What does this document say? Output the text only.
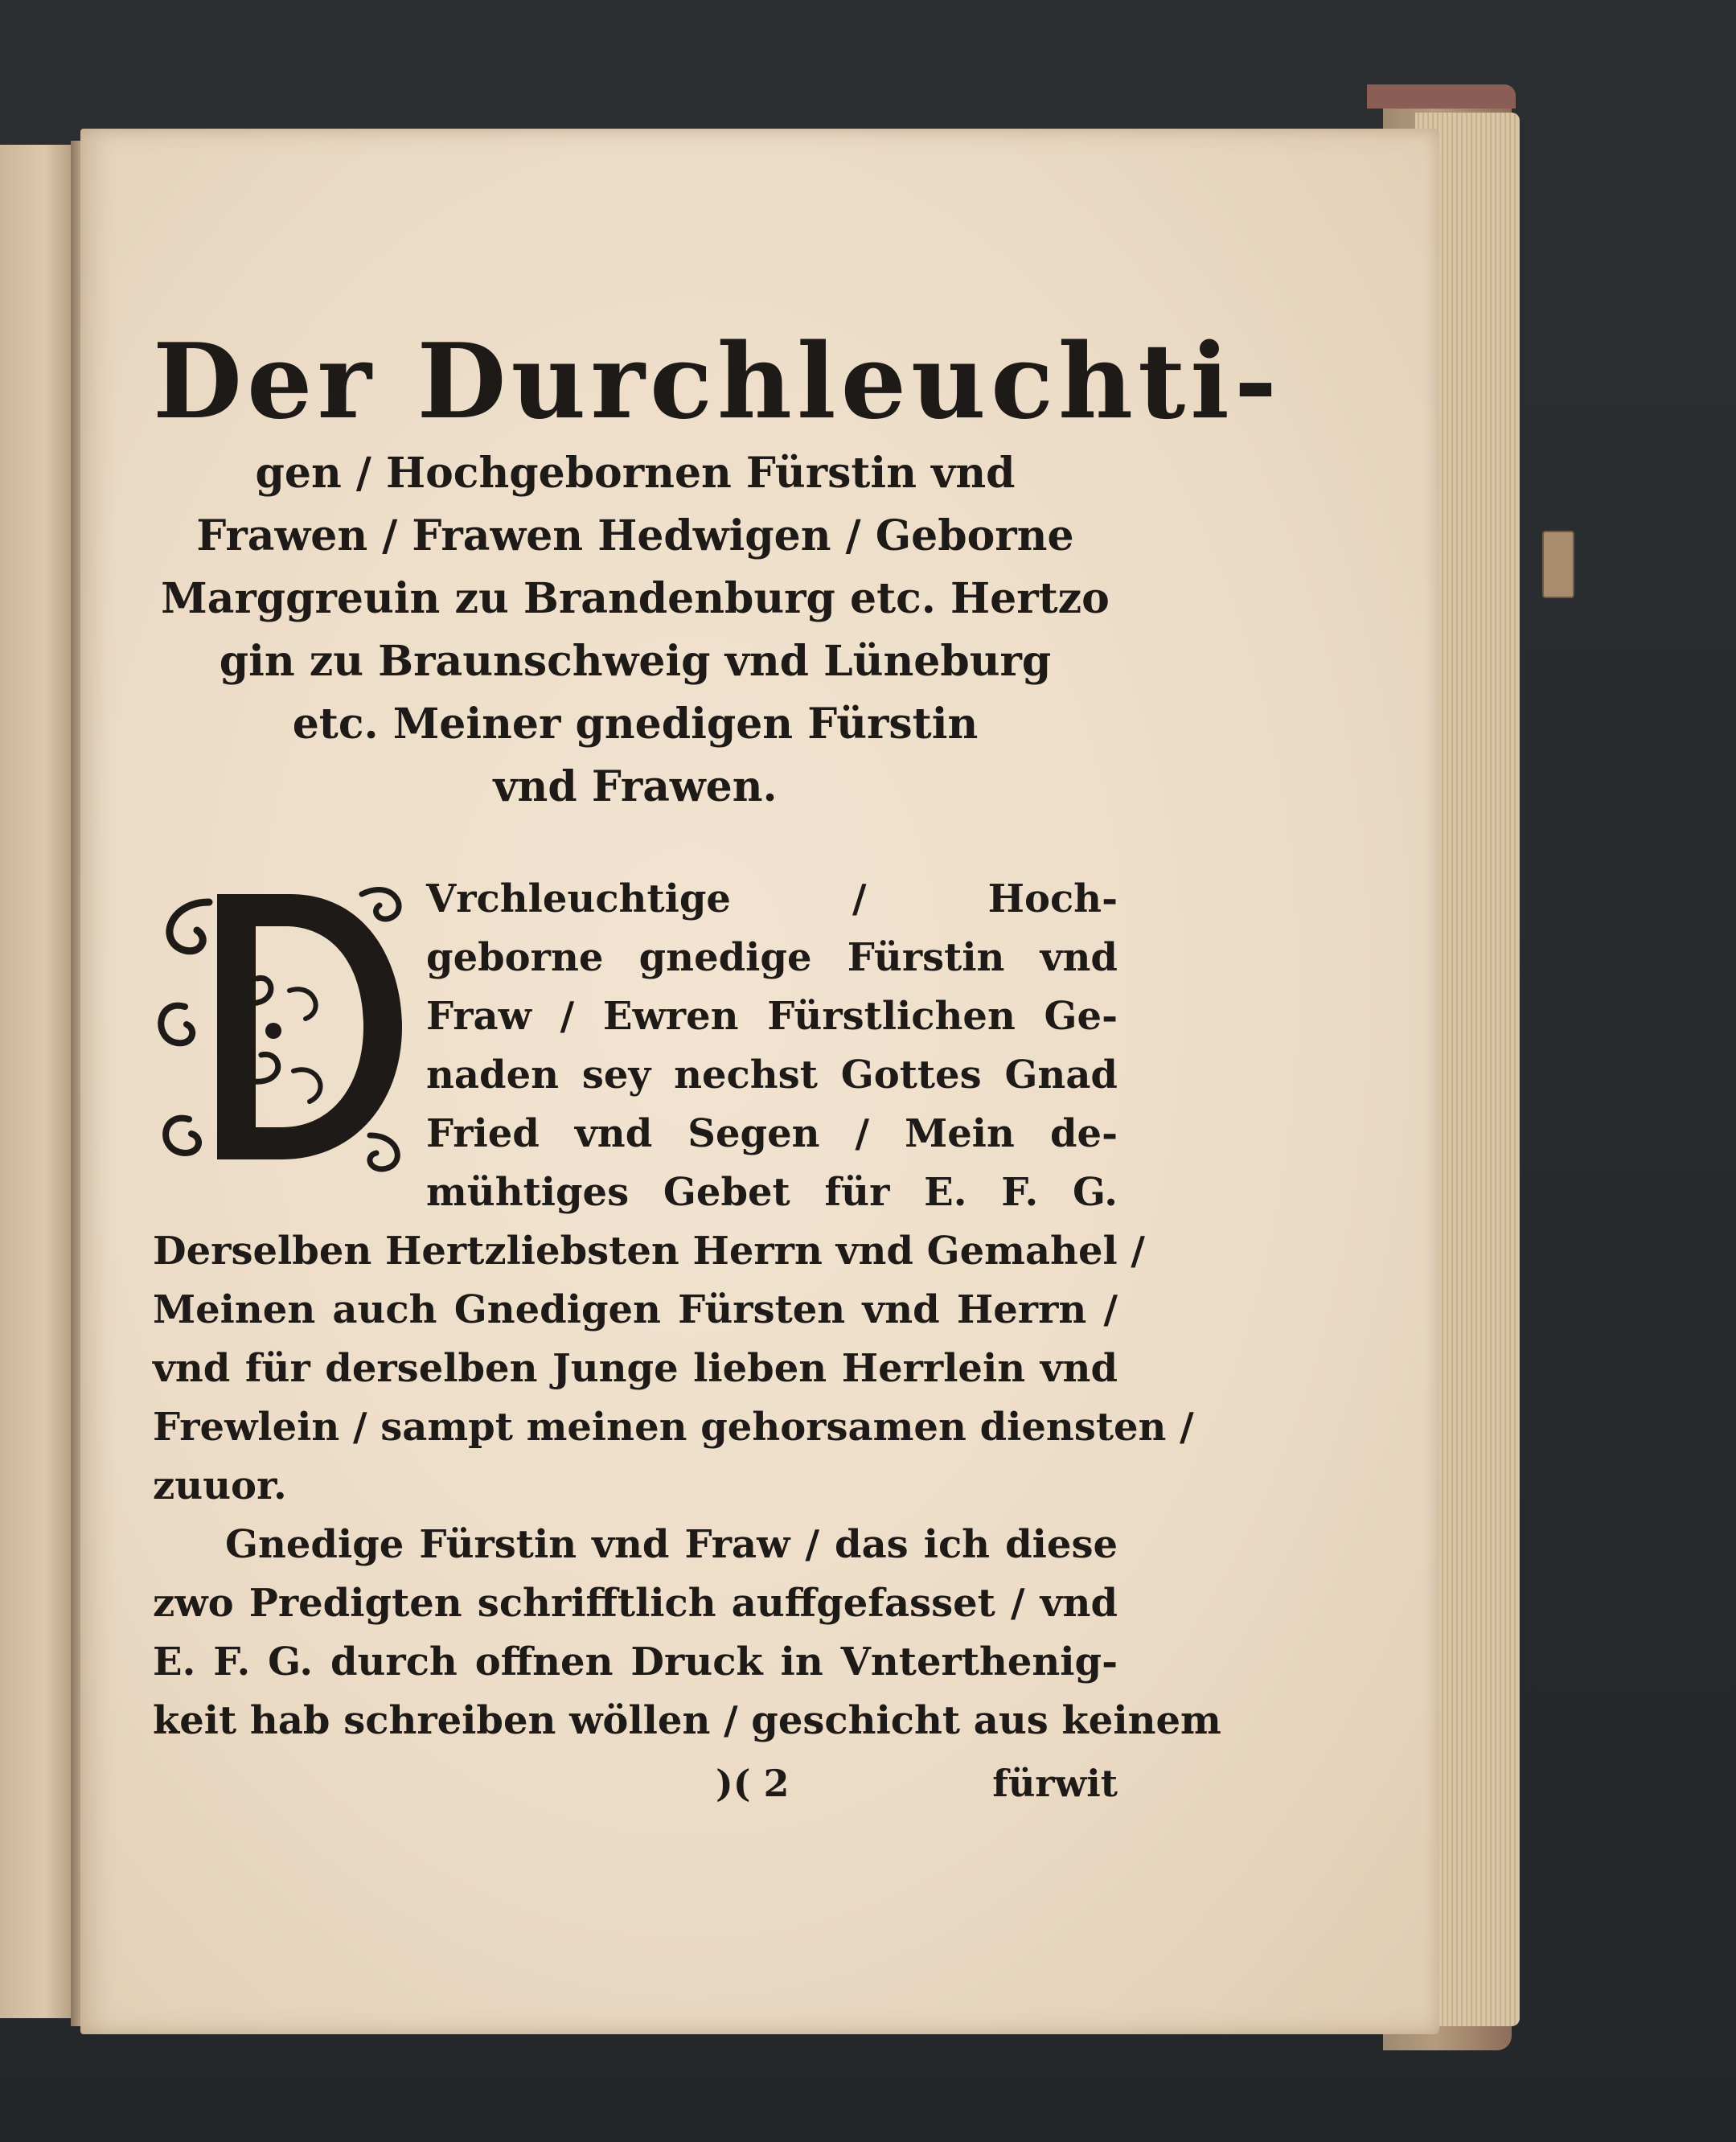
Der Durchleuchti-

gen / Hochgebornen Fürstin vnd

Frawen / Frawen Hedwigen / Geborne

Marggreuin zu Brandenburg etc. Hertzo

gin zu Braunschweig vnd Lüneburg

etc. Meiner gnedigen Fürstin

vnd Frawen.

Vrchleuchtige / Hoch-

geborne gnedige Fürstin vnd

Fraw / Ewren Fürstlichen Ge-

naden sey nechst Gottes Gnad

Fried vnd Segen / Mein de-

mühtiges Gebet für E. F. G.

Derselben Hertzliebsten Herrn vnd Gemahel /

Meinen auch Gnedigen Fürsten vnd Herrn /

vnd für derselben Junge lieben Herrlein vnd

Frewlein / sampt meinen gehorsamen diensten /

zuuor.

Gnedige Fürstin vnd Fraw / das ich diese

zwo Predigten schrifftlich auffgefasset / vnd

E. F. G. durch offnen Druck in Vnterthenig-

keit hab schreiben wöllen / geschicht aus keinem

)( 2	fürwit
